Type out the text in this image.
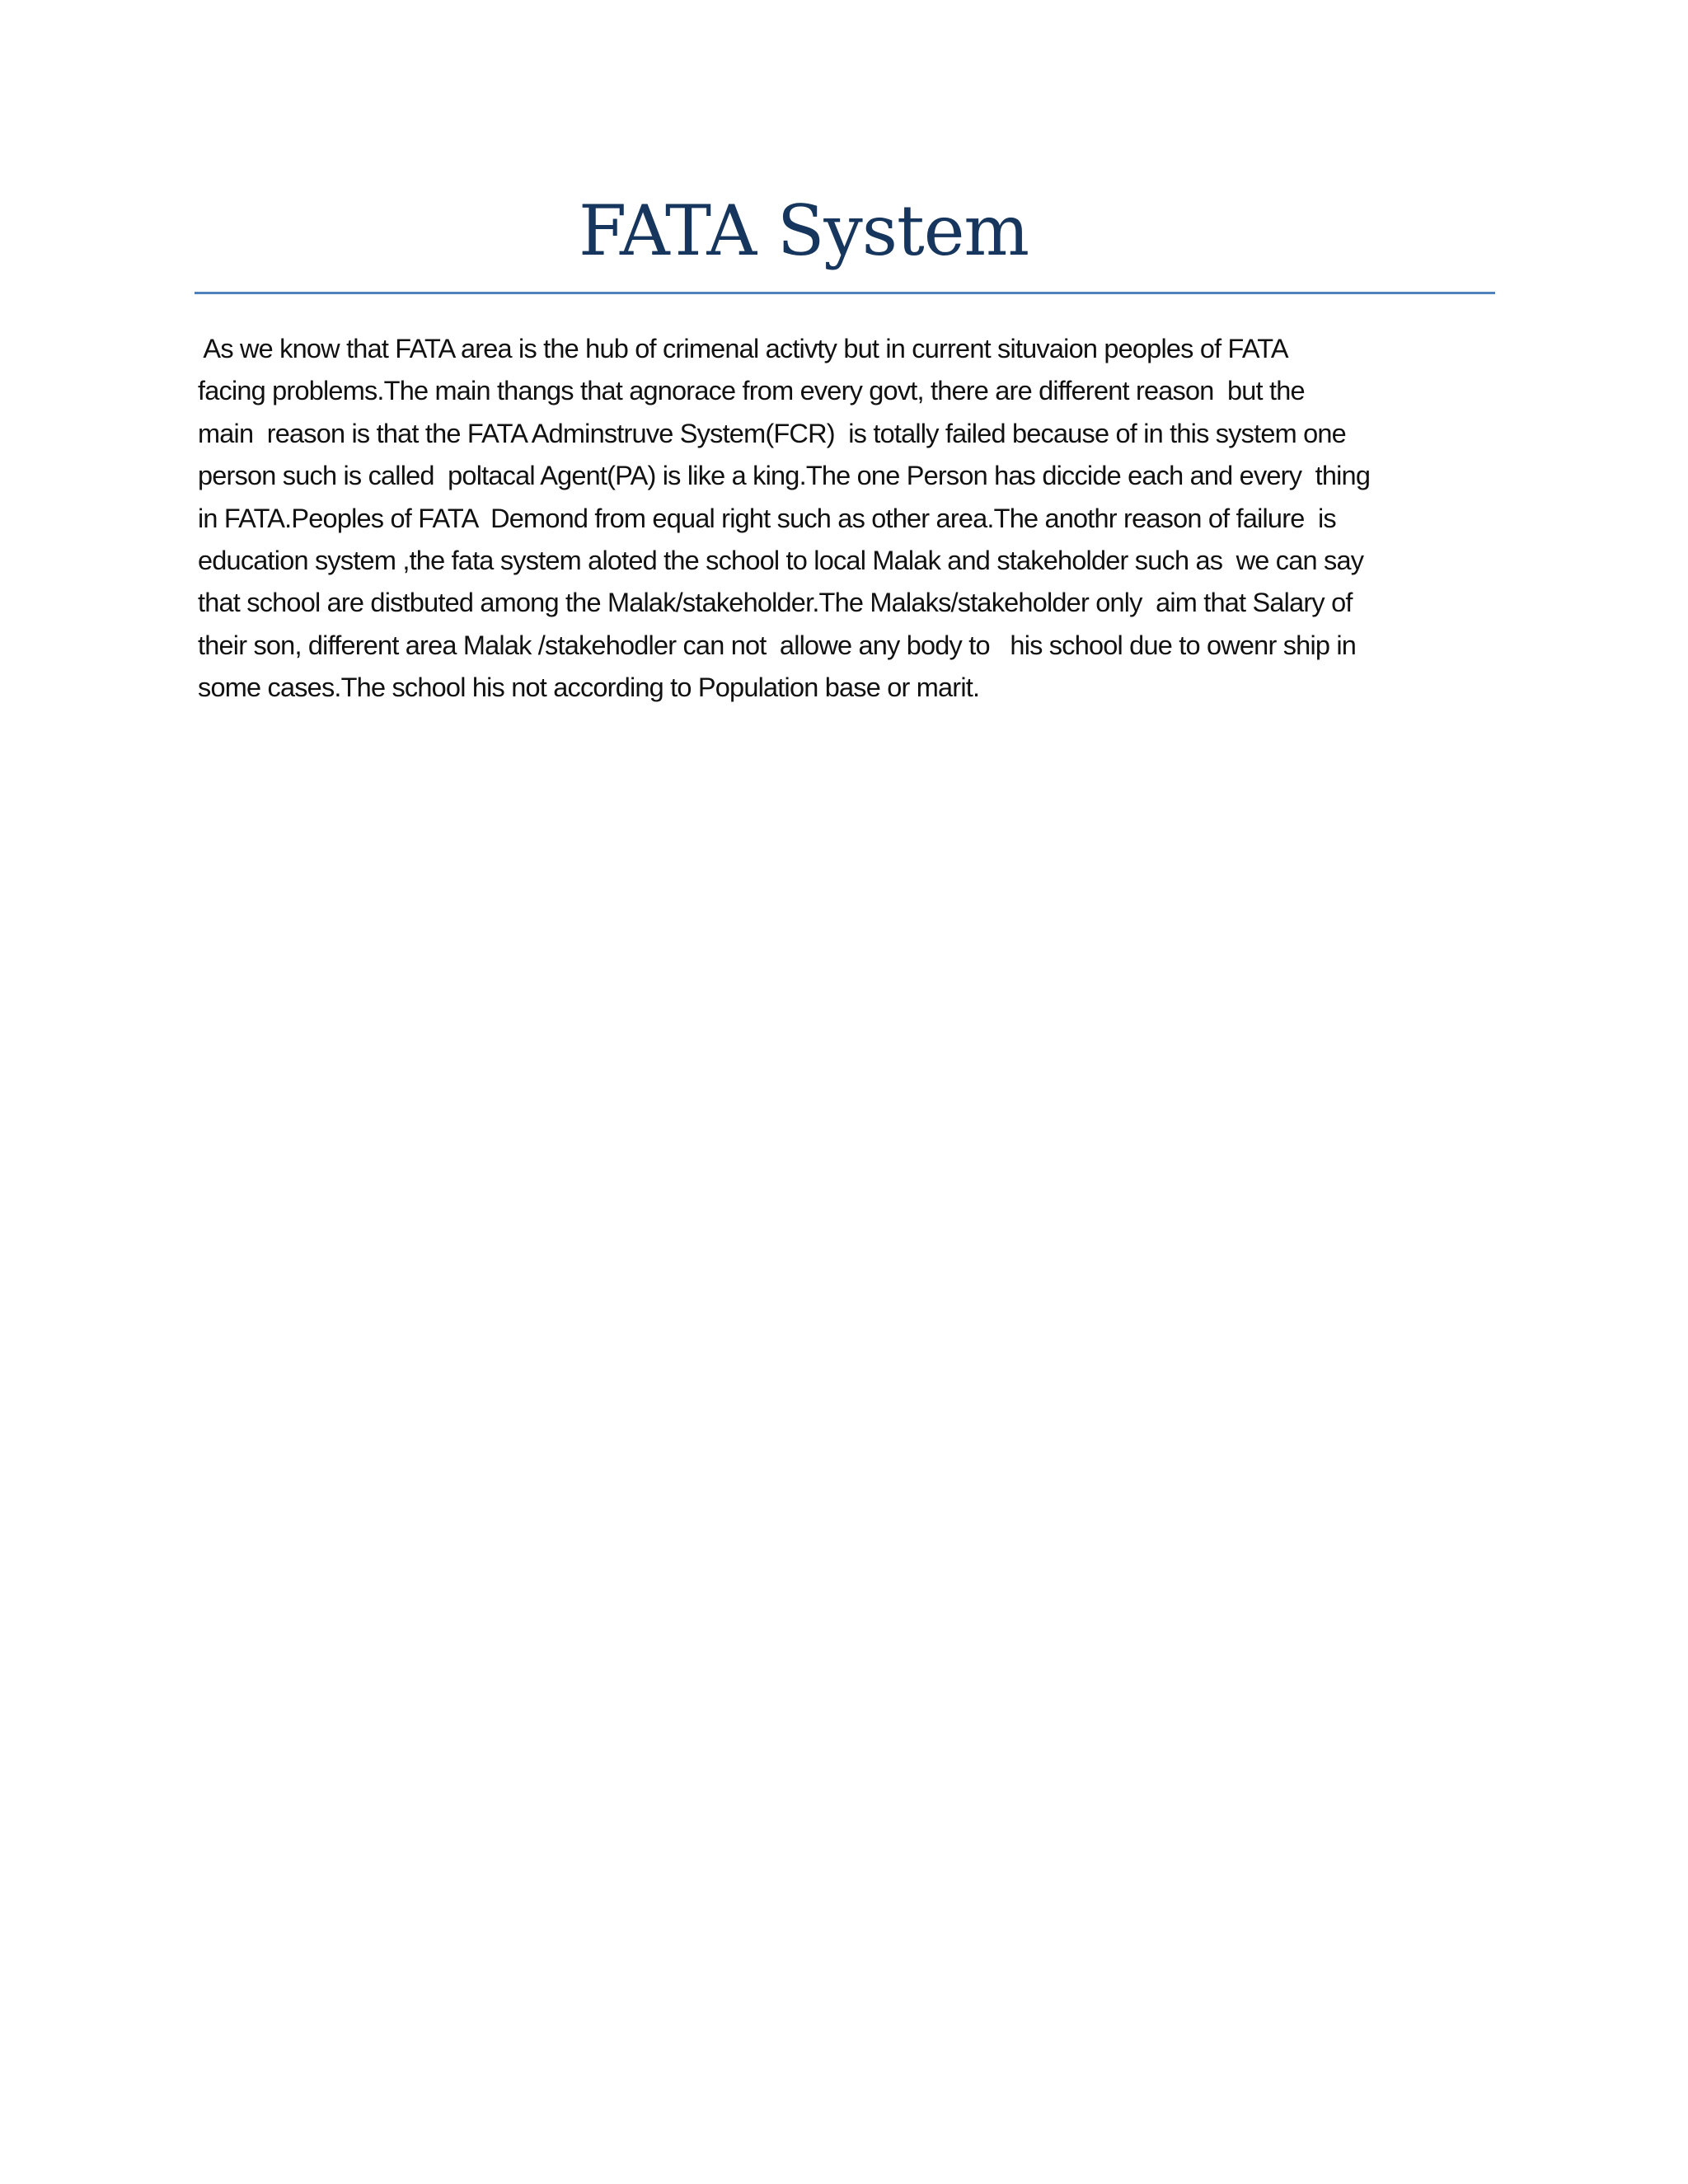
FATA System
As we know that FATA area is the hub of crimenal activty but in current situvaion peoples of FATA
facing problems.The main thangs that agnorace from every govt, there are different reason  but the
main  reason is that the FATA Adminstruve System(FCR)  is totally failed because of in this system one
person such is called  poltacal Agent(PA) is like a king.The one Person has diccide each and every  thing
in FATA.Peoples of FATA  Demond from equal right such as other area.The anothr reason of failure  is
education system ,the fata system aloted the school to local Malak and stakeholder such as  we can say
that school are distbuted among the Malak/stakeholder.The Malaks/stakeholder only  aim that Salary of
their son, different area Malak /stakehodler can not  allowe any body to   his school due to owenr ship in
some cases.The school his not according to Population base or marit.
